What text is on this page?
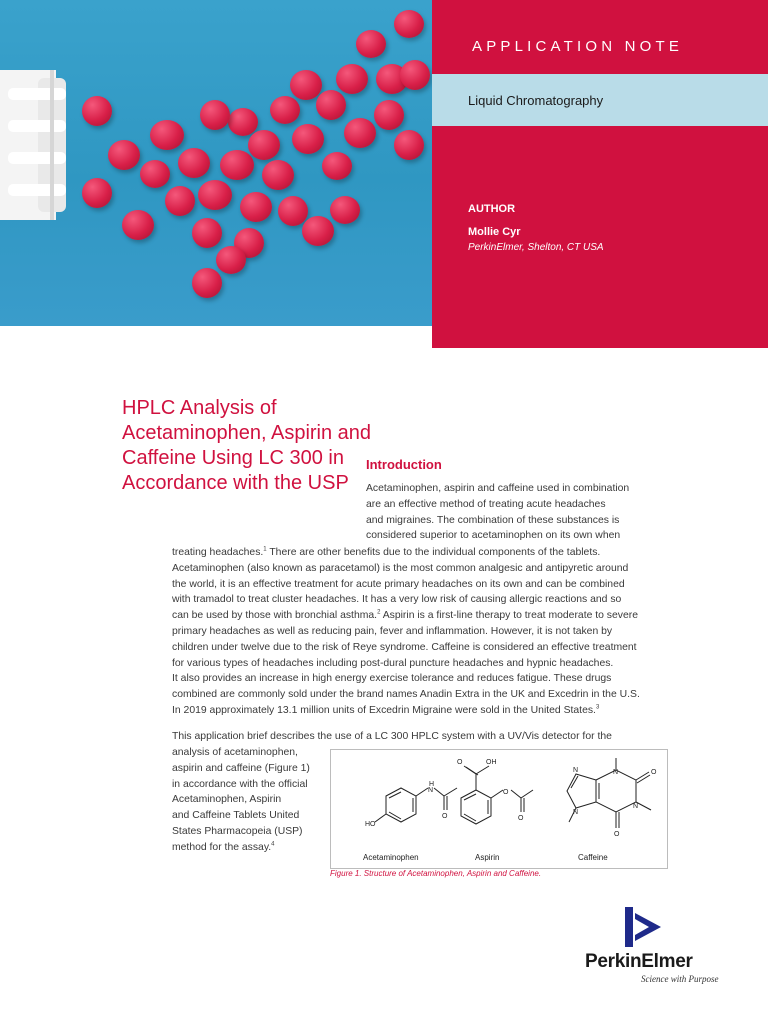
APPLICATION NOTE
Liquid Chromatography
AUTHOR
Mollie Cyr
PerkinElmer, Shelton, CT USA
HPLC Analysis of Acetaminophen, Aspirin and Caffeine Using LC 300 in Accordance with the USP
Introduction

Acetaminophen, aspirin and caffeine used in combination
are an effective method of treating acute headaches
and migraines. The combination of these substances is
considered superior to acetaminophen on its own when

treating headaches.$^1$ There are other benefits due to the individual components of the tablets.
Acetaminophen (also known as paracetamol) is the most common analgesic and antipyretic around
the world, it is an effective treatment for acute primary headaches on its own and can be combined
with tramadol to treat cluster headaches. It has a very low risk of causing allergic reactions and so
can be used by those with bronchial asthma.$^2$ Aspirin is a first-line therapy to treat moderate to severe
primary headaches as well as reducing pain, fever and inflammation. However, it is not taken by
children under twelve due to the risk of Reye syndrome. Caffeine is considered an effective treatment
for various types of headaches including post-dural puncture headaches and hypnic headaches.
It also provides an increase in high energy exercise tolerance and reduces fatigue. These drugs
combined are commonly sold under the brand names Anadin Extra in the UK and Excedrin in the U.S.
In 2019 approximately 13.1 million units of Excedrin Migraine were sold in the United States.$^3$

This application brief describes the use of a LC 300 HPLC system with a UV/Vis detector for the

analysis of acetaminophen,
aspirin and caffeine (Figure 1)
in accordance with the official
Acetaminophen, Aspirin
and Caffeine Tablets United
States Pharmacopeia (USP)
method for the assay.$^4$

H
N
O
HO
O	OH
O
O
N
N
N
N
O
O
Acetaminophen	Aspirin	Caffeine
Figure 1. Structure of Acetaminophen, Aspirin and Caffeine.
PerkinElmer
Science with Purpose
